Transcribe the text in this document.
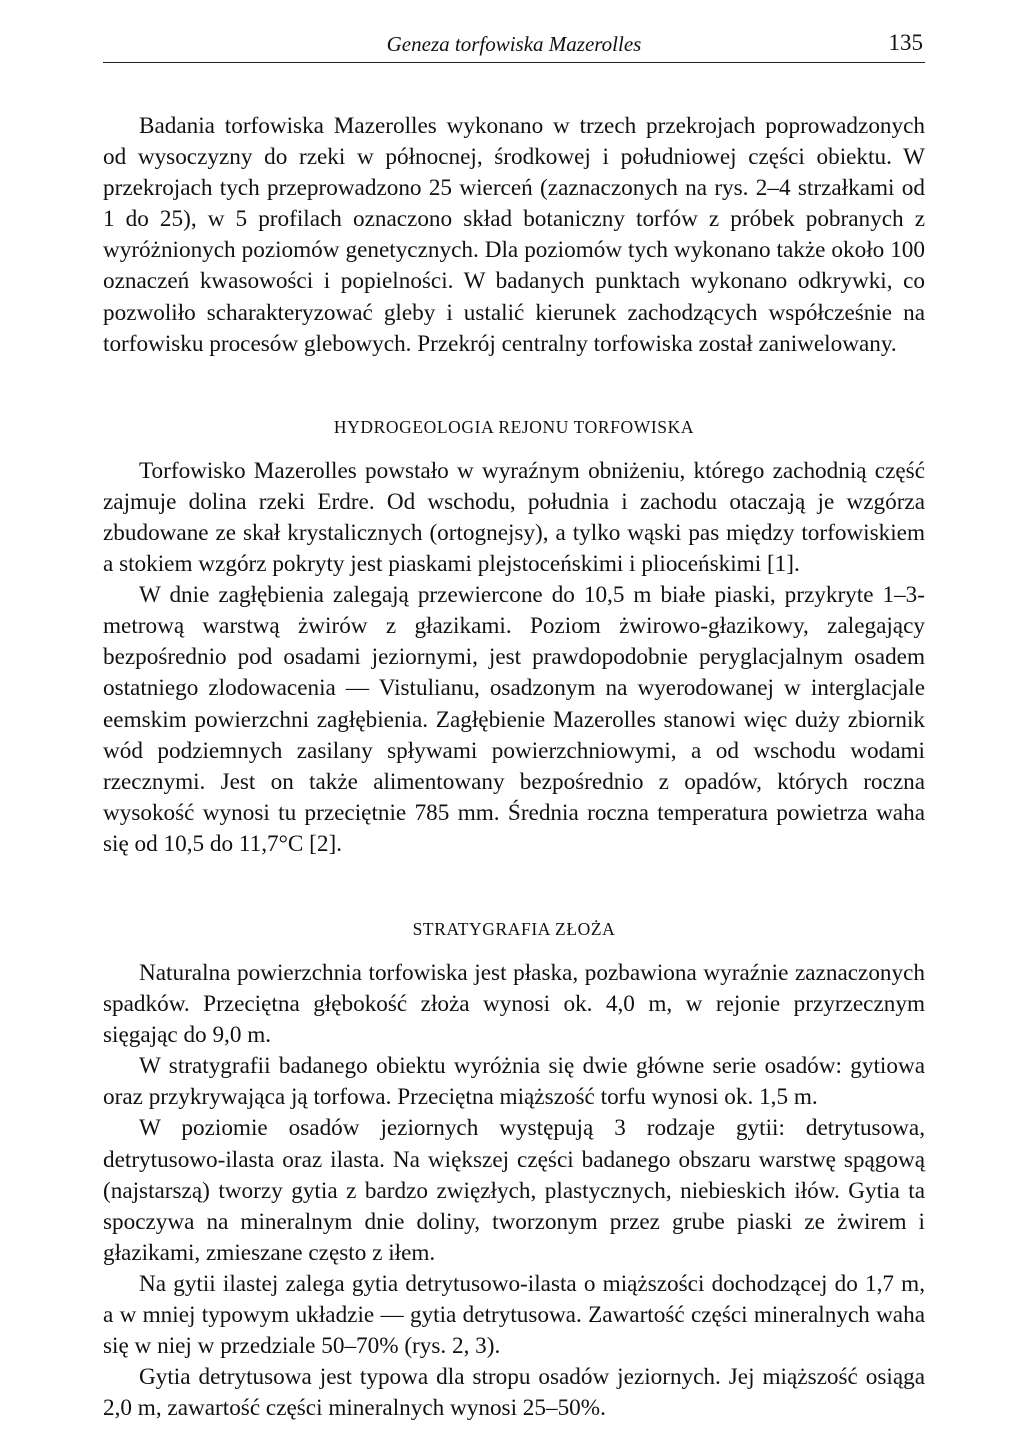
Geneza torfowiska Mazerolles	135

Badania torfowiska Mazerolles wykonano w trzech przekrojach poprowadzonych od wysoczyzny do rzeki w północnej, środkowej i południowej części obiektu. W przekrojach tych przeprowadzono 25 wierceń (zaznaczonych na rys. 2–4 strzałkami od 1 do 25), w 5 profilach oznaczono skład botaniczny torfów z próbek pobranych z wyróżnionych poziomów genetycznych. Dla poziomów tych wykonano także około 100 oznaczeń kwasowości i popielności. W badanych punktach wykonano odkrywki, co pozwoliło scharakteryzować gleby i ustalić kierunek zachodzących współcześnie na torfowisku procesów glebowych. Przekrój centralny torfowiska został zaniwelowany.

HYDROGEOLOGIA REJONU TORFOWISKA

Torfowisko Mazerolles powstało w wyraźnym obniżeniu, którego zachodnią część zajmuje dolina rzeki Erdre. Od wschodu, południa i zachodu otaczają je wzgórza zbudowane ze skał krystalicznych (ortognejsy), a tylko wąski pas między torfowiskiem a stokiem wzgórz pokryty jest piaskami plejstoceńskimi i plioceńskimi [1].

W dnie zagłębienia zalegają przewiercone do 10,5 m białe piaski, przykryte 1–3-metrową warstwą żwirów z głazikami. Poziom żwirowo-głazikowy, zalegający bezpośrednio pod osadami jeziornymi, jest prawdopodobnie peryglacjalnym osadem ostatniego zlodowacenia — Vistulianu, osadzonym na wyerodowanej w interglacjale eemskim powierzchni zagłębienia. Zagłębienie Mazerolles stanowi więc duży zbiornik wód podziemnych zasilany spływami powierzchniowymi, a od wschodu wodami rzecznymi. Jest on także alimentowany bezpośrednio z opadów, których roczna wysokość wynosi tu przeciętnie 785 mm. Średnia roczna temperatura powietrza waha się od 10,5 do 11,7°C [2].

STRATYGRAFIA ZŁOŻA

Naturalna powierzchnia torfowiska jest płaska, pozbawiona wyraźnie zaznaczonych spadków. Przeciętna głębokość złoża wynosi ok. 4,0 m, w rejonie przyrzecznym sięgając do 9,0 m.

W stratygrafii badanego obiektu wyróżnia się dwie główne serie osadów: gytiowa oraz przykrywająca ją torfowa. Przeciętna miąższość torfu wynosi ok. 1,5 m.

W poziomie osadów jeziornych występują 3 rodzaje gytii: detrytusowa, detrytusowo-ilasta oraz ilasta. Na większej części badanego obszaru warstwę spągową (najstarszą) tworzy gytia z bardzo zwięzłych, plastycznych, niebieskich iłów. Gytia ta spoczywa na mineralnym dnie doliny, tworzonym przez grube piaski ze żwirem i głazikami, zmieszane często z iłem.

Na gytii ilastej zalega gytia detrytusowo-ilasta o miąższości dochodzącej do 1,7 m, a w mniej typowym układzie — gytia detrytusowa. Zawartość części mineralnych waha się w niej w przedziale 50–70% (rys. 2, 3).

Gytia detrytusowa jest typowa dla stropu osadów jeziornych. Jej miąższość osiąga 2,0 m, zawartość części mineralnych wynosi 25–50%.
